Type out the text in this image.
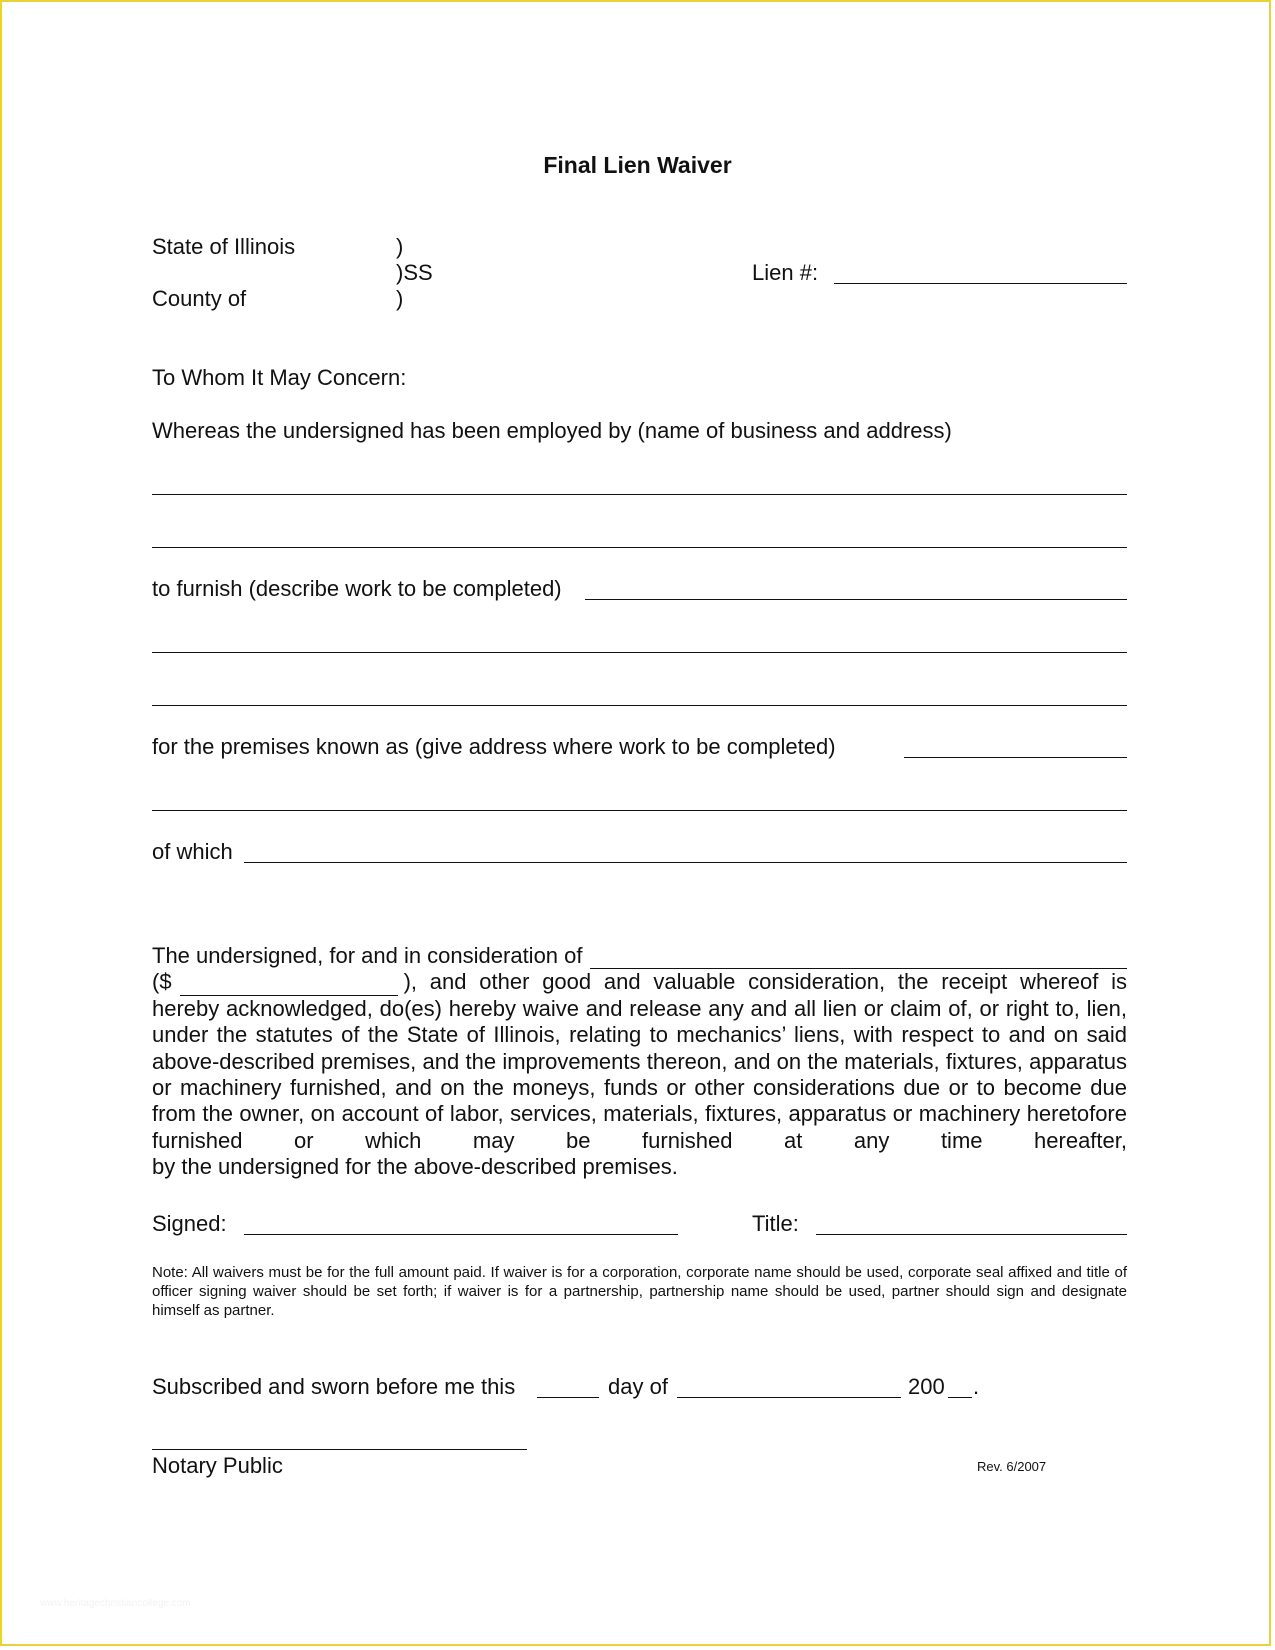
Final Lien Waiver
State of Illinois	)
)SS
County of	)
Lien #:
To Whom It May Concern:
Whereas the undersigned has been employed by (name of business and address)
to furnish (describe work to be completed)
for the premises known as (give address where work to be completed)
of which
The undersigned, for and in consideration of
($	), and other good and valuable consideration, the receipt whereof is
hereby acknowledged, do(es) hereby waive and release any and all lien or claim of, or right to, lien, under the statutes of the State of Illinois, relating to mechanics’ liens, with respect to and on said above-described premises, and the improvements thereon, and on the materials, fixtures, apparatus or machinery furnished, and on the moneys, funds or other considerations due or to become due from the owner, on account of labor, services, materials, fixtures, apparatus or machinery heretofore furnished or which may be furnished at any time hereafter,
by the undersigned for the above-described premises.
Signed:	Title:
Note: All waivers must be for the full amount paid. If waiver is for a corporation, corporate name should be used, corporate seal affixed and title of officer signing waiver should be set forth; if waiver is for a partnership, partnership name should be used, partner should sign and designate himself as partner.
Subscribed and sworn before me this	day of	200 .
Notary Public	Rev. 6/2007
www.heritagechristiancollege.com
